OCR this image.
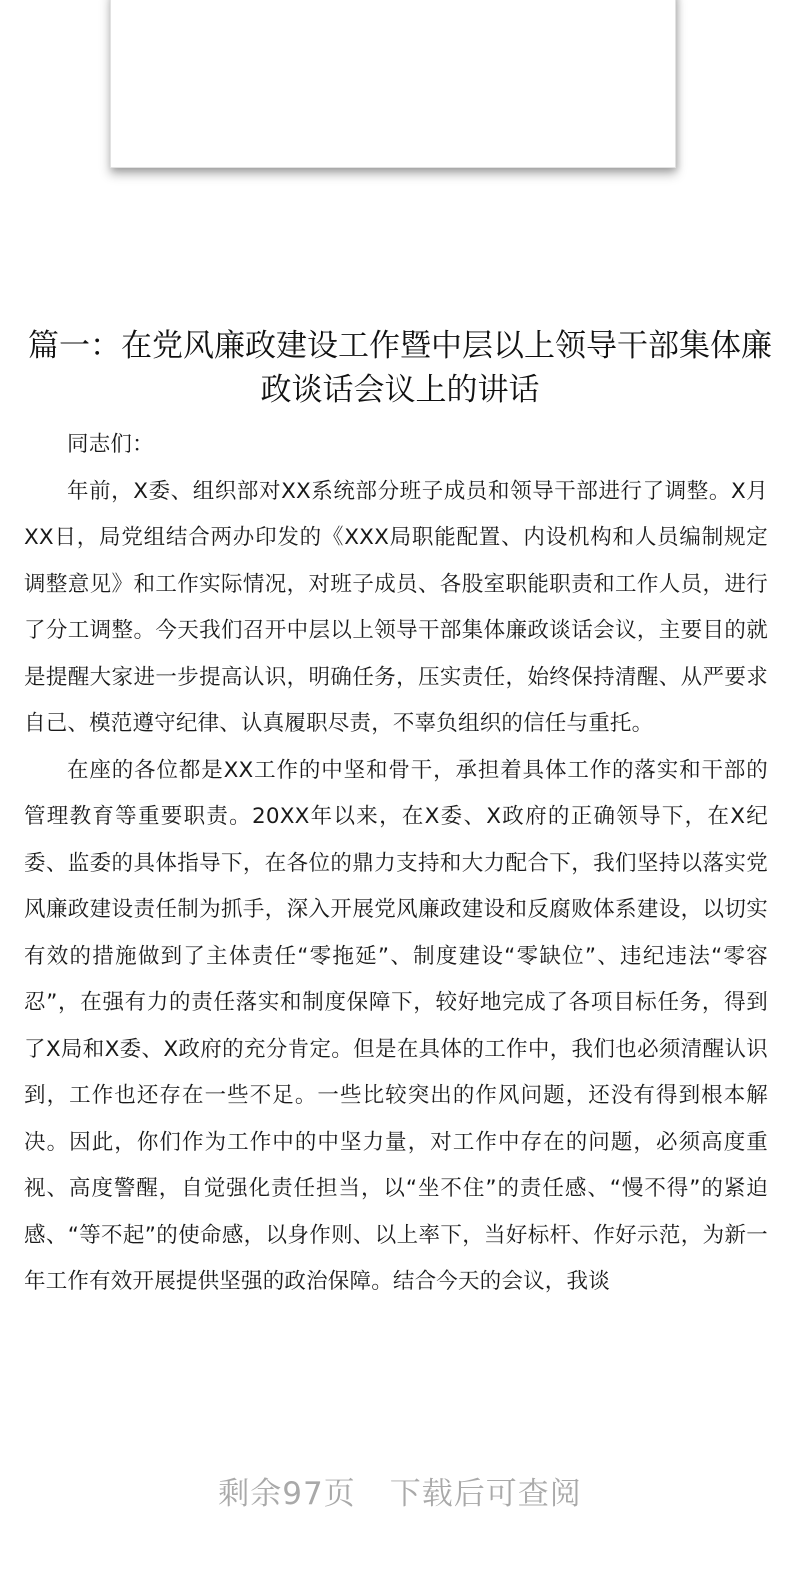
篇一：在党风廉政建设工作暨中层以上领导干部集体廉政谈话会议上的讲话

同志们：

年前，X委、组织部对XX系统部分班子成员和领导干部进行了调整。X月XX日，局党组结合两办印发的《XXX局职能配置、内设机构和人员编制规定调整意见》和工作实际情况，对班子成员、各股室职能职责和工作人员，进行了分工调整。今天我们召开中层以上领导干部集体廉政谈话会议，主要目的就是提醒大家进一步提高认识，明确任务，压实责任，始终保持清醒、从严要求自己、模范遵守纪律、认真履职尽责，不辜负组织的信任与重托。

在座的各位都是XX工作的中坚和骨干，承担着具体工作的落实和干部的管理教育等重要职责。20XX年以来，在X委、X政府的正确领导下，在X纪委、监委的具体指导下，在各位的鼎力支持和大力配合下，我们坚持以落实党风廉政建设责任制为抓手，深入开展党风廉政建设和反腐败体系建设，以切实有效的措施做到了主体责任“零拖延”、制度建设“零缺位”、违纪违法“零容忍”，在强有力的责任落实和制度保障下，较好地完成了各项目标任务，得到了X局和X委、X政府的充分肯定。但是在具体的工作中，我们也必须清醒认识到，工作也还存在一些不足。一些比较突出的作风问题，还没有得到根本解决。因此，你们作为工作中的中坚力量，对工作中存在的问题，必须高度重视、高度警醒，自觉强化责任担当，以“坐不住”的责任感、“慢不得”的紧迫感、“等不起”的使命感，以身作则、以上率下，当好标杆、作好示范，为新一年工作有效开展提供坚强的政治保障。结合今天的会议，我谈

剩余97页 下载后可查阅
